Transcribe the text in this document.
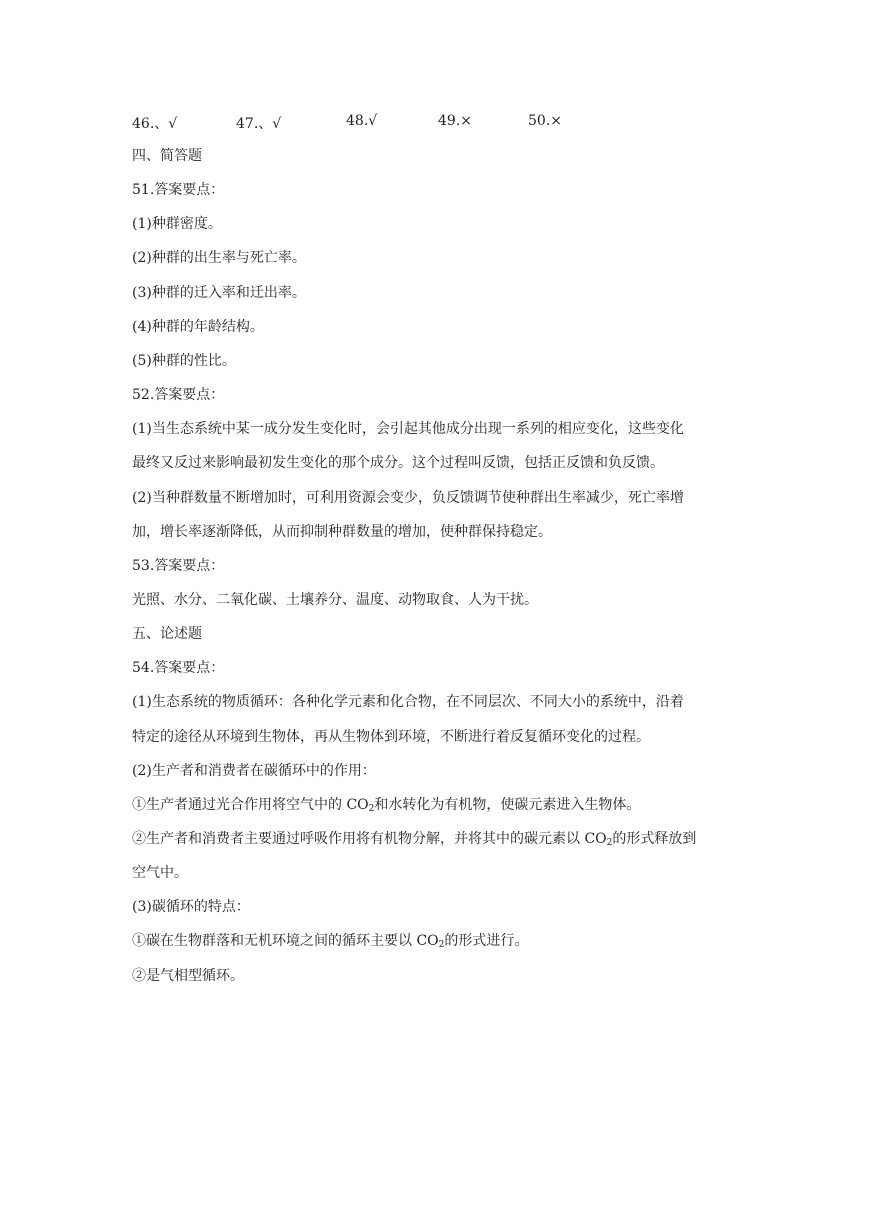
46.、√	47.、√	48.√	49.×	50.×
四、简答题
51.答案要点：
(1)种群密度。
(2)种群的出生率与死亡率。
(3)种群的迁入率和迁出率。
(4)种群的年龄结构。
(5)种群的性比。
52.答案要点：
(1)当生态系统中某一成分发生变化时，会引起其他成分出现一系列的相应变化，这些变化
最终又反过来影响最初发生变化的那个成分。这个过程叫反馈，包括正反馈和负反馈。
(2)当种群数量不断增加时，可利用资源会变少，负反馈调节使种群出生率减少，死亡率增
加，增长率逐渐降低，从而抑制种群数量的增加，使种群保持稳定。
53.答案要点：
光照、水分、二氧化碳、土壤养分、温度、动物取食、人为干扰。
五、论述题
54.答案要点：
(1)生态系统的物质循环：各种化学元素和化合物，在不同层次、不同大小的系统中，沿着
特定的途径从环境到生物体，再从生物体到环境，不断进行着反复循环变化的过程。
(2)生产者和消费者在碳循环中的作用：
①生产者通过光合作用将空气中的 $CO_2$和水转化为有机物，使碳元素进入生物体。
②生产者和消费者主要通过呼吸作用将有机物分解，并将其中的碳元素以 $CO_2$的形式释放到
空气中。
(3)碳循环的特点：
①碳在生物群落和无机环境之间的循环主要以 $CO_2$的形式进行。
②是气相型循环。
